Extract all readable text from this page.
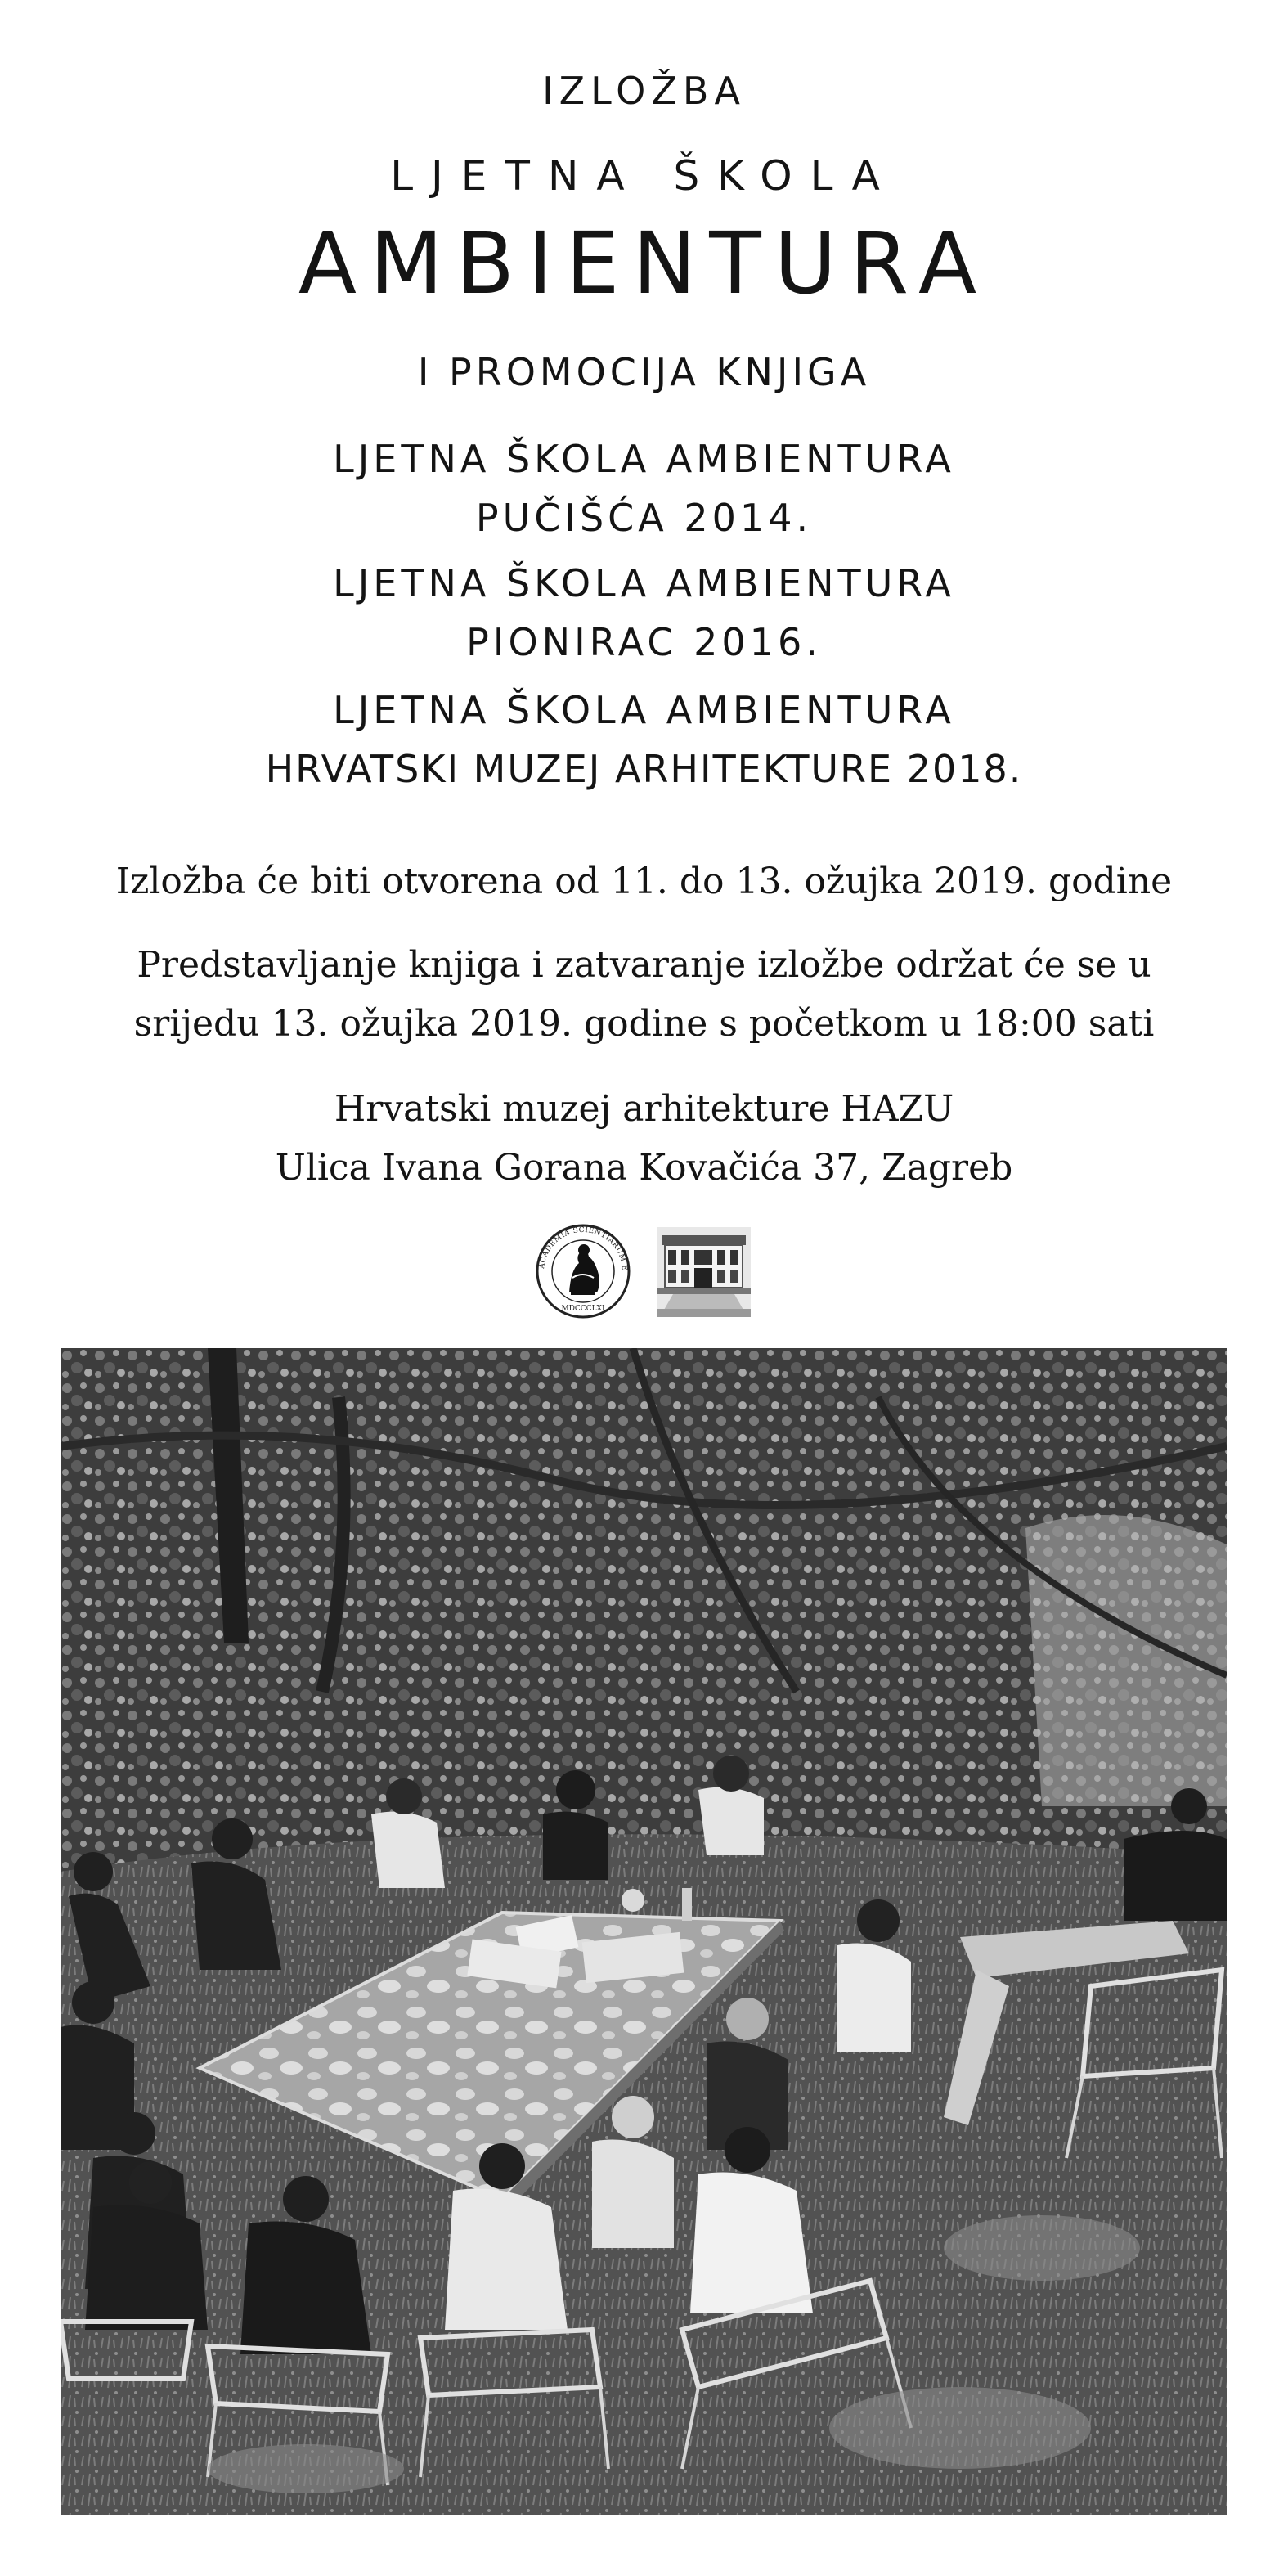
IZLOŽBA
LJETNA ŠKOLA
AMBIENTURA
I PROMOCIJA KNJIGA
LJETNA ŠKOLA AMBIENTURA
PUČIŠĆA 2014.
LJETNA ŠKOLA AMBIENTURA
PIONIRAC 2016.
LJETNA ŠKOLA AMBIENTURA
HRVATSKI MUZEJ ARHITEKTURE 2018.
Izložba će biti otvorena od 11. do 13. ožujka 2019. godine
Predstavljanje knjiga i zatvaranje izložbe održat će se u
srijedu 13. ožujka 2019. godine s početkom u 18:00 sati
Hrvatski muzej arhitekture HAZU
Ulica Ivana Gorana Kovačića 37, Zagreb
ACADEMIA SCIENTIARUM E
MDCCCLXI
